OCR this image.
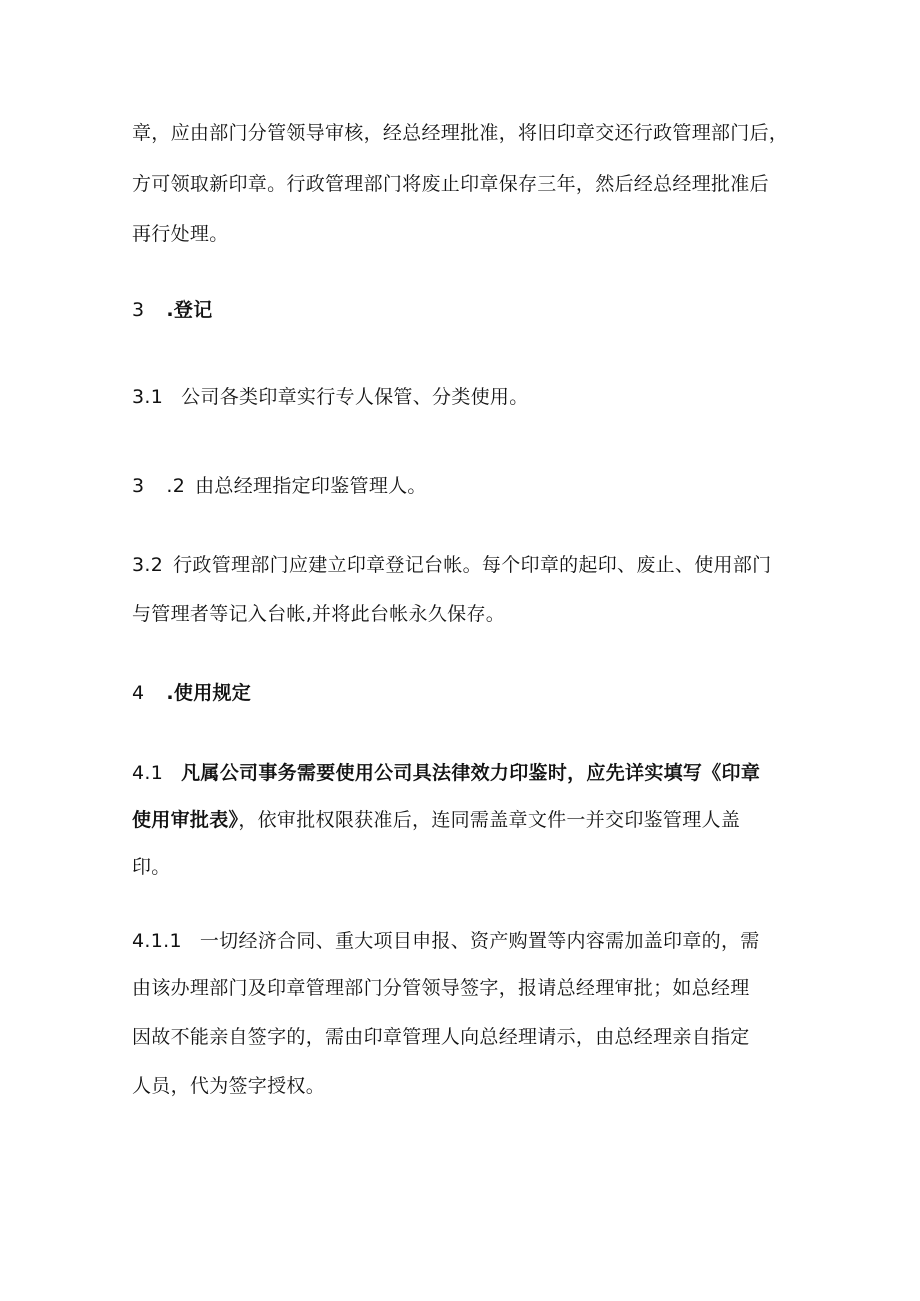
章，应由部门分管领导审核，经总经理批准，将旧印章交还行政管理部门后，
方可领取新印章。行政管理部门将废止印章保存三年，然后经总经理批准后
再行处理。
3 .登记
3.1 公司各类印章实行专人保管、分类使用。
3 .2 由总经理指定印鉴管理人。
3.2 行政管理部门应建立印章登记台帐。每个印章的起印、废止、使用部门
与管理者等记入台帐,并将此台帐永久保存。
4 .使用规定
4.1 凡属公司事务需要使用公司具法律效力印鉴时，应先详实填写《印章
使用审批表》，依审批权限获准后，连同需盖章文件一并交印鉴管理人盖
印。
4.1.1 一切经济合同、重大项目申报、资产购置等内容需加盖印章的，需
由该办理部门及印章管理部门分管领导签字，报请总经理审批；如总经理
因故不能亲自签字的，需由印章管理人向总经理请示，由总经理亲自指定
人员，代为签字授权。
